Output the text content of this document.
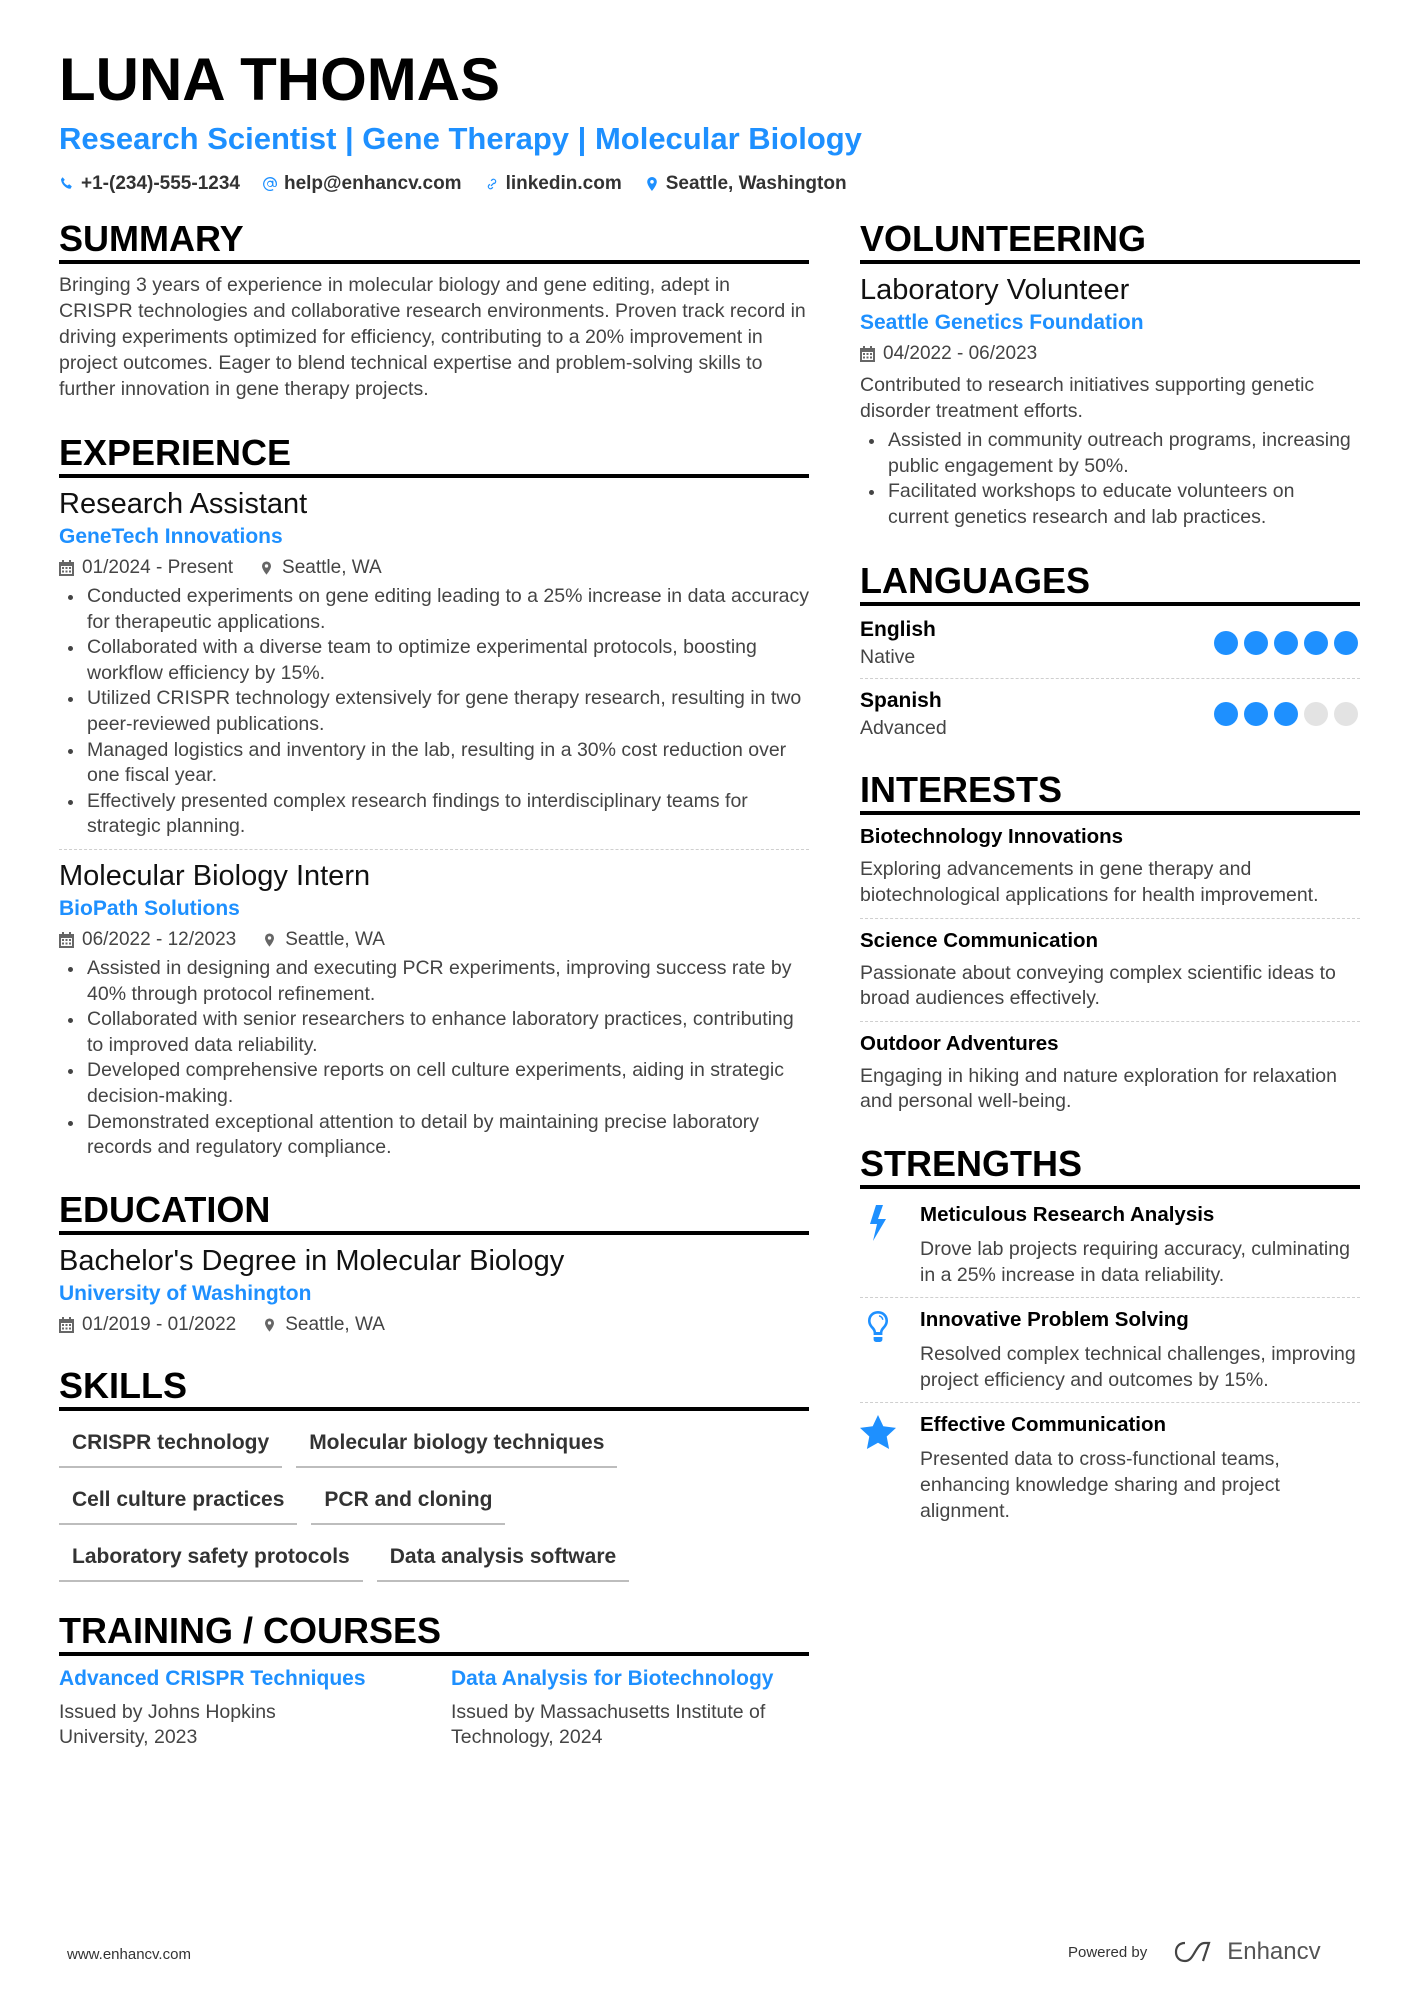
LUNA THOMAS
Research Scientist | Gene Therapy | Molecular Biology
+1-(234)-555-1234 help@enhancv.com linkedin.com Seattle, Washington
SUMMARY
Bringing 3 years of experience in molecular biology and gene editing, adept in CRISPR technologies and collaborative research environments. Proven track record in driving experiments optimized for efficiency, contributing to a 20% improvement in project outcomes. Eager to blend technical expertise and problem-solving skills to further innovation in gene therapy projects.
EXPERIENCE
Research Assistant
GeneTech Innovations
01/2024 - Present	Seattle, WA
Conducted experiments on gene editing leading to a 25% increase in data accuracy for therapeutic applications.
Collaborated with a diverse team to optimize experimental protocols, boosting workflow efficiency by 15%.
Utilized CRISPR technology extensively for gene therapy research, resulting in two peer-reviewed publications.
Managed logistics and inventory in the lab, resulting in a 30% cost reduction over one fiscal year.
Effectively presented complex research findings to interdisciplinary teams for strategic planning.
Molecular Biology Intern
BioPath Solutions
06/2022 - 12/2023	Seattle, WA
Assisted in designing and executing PCR experiments, improving success rate by 40% through protocol refinement.
Collaborated with senior researchers to enhance laboratory practices, contributing to improved data reliability.
Developed comprehensive reports on cell culture experiments, aiding in strategic decision-making.
Demonstrated exceptional attention to detail by maintaining precise laboratory records and regulatory compliance.
EDUCATION
Bachelor's Degree in Molecular Biology
University of Washington
01/2019 - 01/2022	Seattle, WA
SKILLS
CRISPR technology	Molecular biology techniques
Cell culture practices	PCR and cloning
Laboratory safety protocols	Data analysis software
TRAINING / COURSES
Advanced CRISPR Techniques
Issued by Johns Hopkins University, 2023
Data Analysis for Biotechnology
Issued by Massachusetts Institute of Technology, 2024
VOLUNTEERING
Laboratory Volunteer
Seattle Genetics Foundation
04/2022 - 06/2023
Contributed to research initiatives supporting genetic disorder treatment efforts.
Assisted in community outreach programs, increasing public engagement by 50%.
Facilitated workshops to educate volunteers on current genetics research and lab practices.
LANGUAGES
English
Native
Spanish
Advanced
INTERESTS
Biotechnology Innovations
Exploring advancements in gene therapy and biotechnological applications for health improvement.
Science Communication
Passionate about conveying complex scientific ideas to broad audiences effectively.
Outdoor Adventures
Engaging in hiking and nature exploration for relaxation and personal well-being.
STRENGTHS
Meticulous Research Analysis
Drove lab projects requiring accuracy, culminating in a 25% increase in data reliability.
Innovative Problem Solving
Resolved complex technical challenges, improving project efficiency and outcomes by 15%.
Effective Communication
Presented data to cross-functional teams, enhancing knowledge sharing and project alignment.
www.enhancv.com	Powered by	Enhancv
